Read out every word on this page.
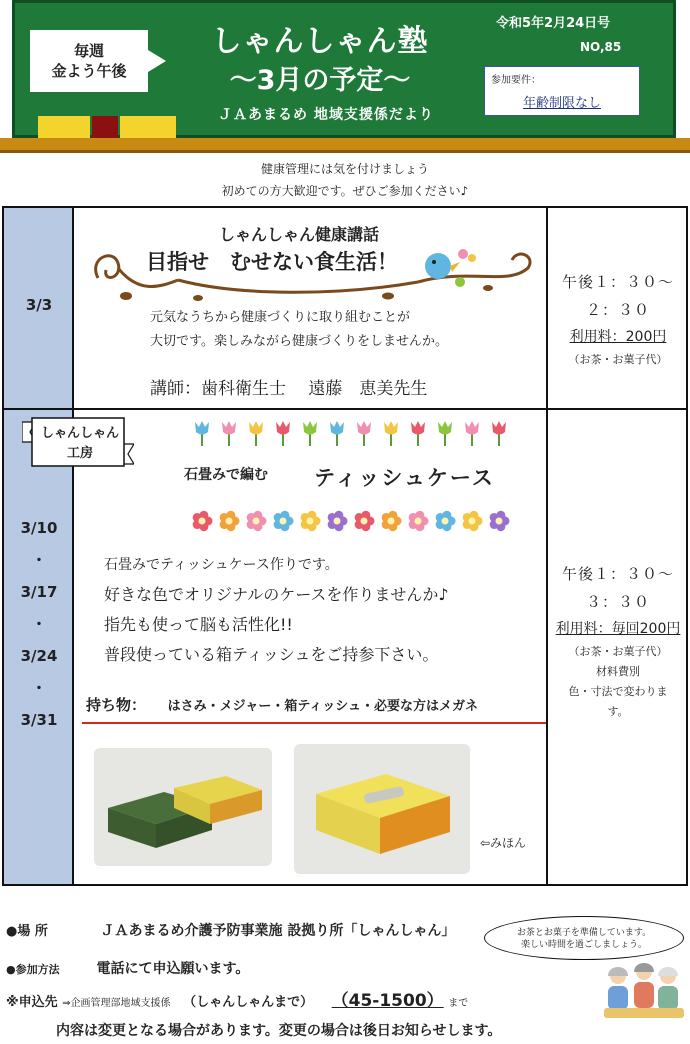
毎週
金よう午後
しゃんしゃん塾
～3月の予定～
ＪＡあまるめ 地域支援係だより
令和5年2月24日号
NO,85
参加要件：
年齢制限なし
健康管理には気を付けましょう
初めての方大歓迎です。ぜひご参加ください♪
3/3
しゃんしゃん健康講話
目指せ　むせない食生活！
元気なうちから健康づくりに取り組むことが
大切です。楽しみながら健康づくりをしませんか。
講師：歯科衛生士　 遠藤　恵美先生
午後１：３０～
２：３０
利用料：200円
（お茶・お菓子代）
しゃんしゃん
工房
3/10
・
3/17
・
3/24
・
3/31
石畳みで編む ティッシュケース
石畳みでティッシュケース作りです。
好きな色でオリジナルのケースを作りませんか♪
指先も使って脳も活性化!!
普段使っている箱ティッシュをご持参下さい。
持ち物： はさみ・メジャー・箱ティッシュ・必要な方はメガネ
⇦みほん
午後１：３０～
３：３０
利用料：毎回200円
（お茶・お菓子代）
材料費別
色・寸法で変わりま
す。
●場 所	ＪＡあまるめ介護予防事業施 設拠り所「しゃんしゃん」	お茶とお菓子を準備しています。
楽しい時間を過ごしましょう。
●参加方法	電話にて申込願います。
※申込先 ⇒企画管理部地域支援係 （しゃんしゃんまで） （45-1500） まで
内容は変更となる場合があります。変更の場合は後日お知らせします。
